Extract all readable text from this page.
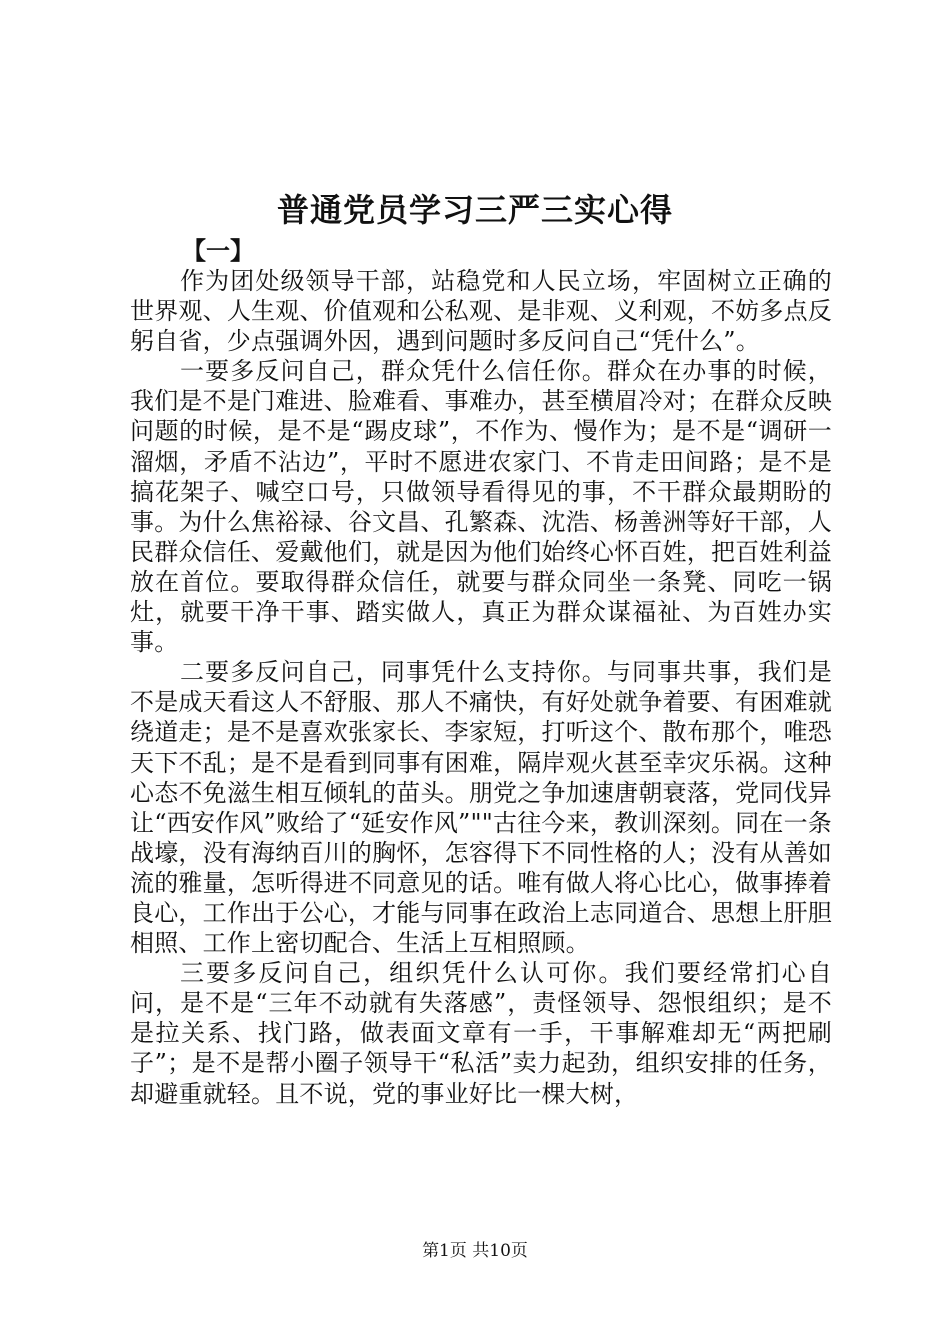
普通党员学习三严三实心得
【一】

作为团处级领导干部，站稳党和人民立场，牢固树立正确的世界观、人生观、价值观和公私观、是非观、义利观，不妨多点反躬自省，少点强调外因，遇到问题时多反问自己“凭什么”。

一要多反问自己，群众凭什么信任你。群众在办事的时候，我们是不是门难进、脸难看、事难办，甚至横眉冷对；在群众反映问题的时候，是不是“踢皮球”，不作为、慢作为；是不是“调研一溜烟，矛盾不沾边”，平时不愿进农家门、不肯走田间路；是不是搞花架子、喊空口号，只做领导看得见的事，不干群众最期盼的事。为什么焦裕禄、谷文昌、孔繁森、沈浩、杨善洲等好干部，人民群众信任、爱戴他们，就是因为他们始终心怀百姓，把百姓利益放在首位。要取得群众信任，就要与群众同坐一条凳、同吃一锅灶，就要干净干事、踏实做人，真正为群众谋福祉、为百姓办实事。

二要多反问自己，同事凭什么支持你。与同事共事，我们是不是成天看这人不舒服、那人不痛快，有好处就争着要、有困难就绕道走；是不是喜欢张家长、李家短，打听这个、散布那个，唯恐天下不乱；是不是看到同事有困难，隔岸观火甚至幸灾乐祸。这种心态不免滋生相互倾轧的苗头。朋党之争加速唐朝衰落，党同伐异让“西安作风”败给了“延安作风”""古往今来，教训深刻。同在一条战壕，没有海纳百川的胸怀，怎容得下不同性格的人；没有从善如流的雅量，怎听得进不同意见的话。唯有做人将心比心，做事捧着良心，工作出于公心，才能与同事在政治上志同道合、思想上肝胆相照、工作上密切配合、生活上互相照顾。

三要多反问自己，组织凭什么认可你。我们要经常扪心自问，是不是“三年不动就有失落感”，责怪领导、怨恨组织；是不是拉关系、找门路，做表面文章有一手，干事解难却无“两把刷子”；是不是帮小圈子领导干“私活”卖力起劲，组织安排的任务，却避重就轻。且不说，党的事业好比一棵大树，

第1页 共10页
